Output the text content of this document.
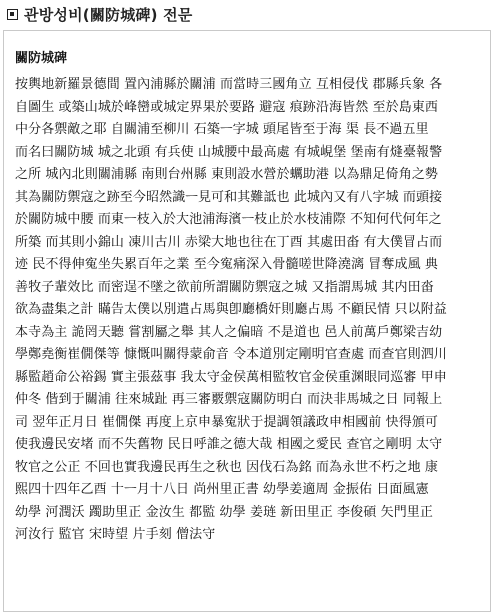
관방성비(關防城碑) 전문
關防城碑
按輿地新羅景德間 置內浦縣於關浦 而當時三國角立 互相侵伐 郡縣兵象 各
自圖生 或築山城於峰巒或城定界果於要路 避寇 痕跡沿海皆然 至於島東西
中分各禦敵之耶 自關浦至柳川 石築ㅡ字城 頭尾皆至于海 渠 長不過五里
而名曰關防城 城之北頭 有兵使 山城腰中最高處 有城峴堡 堡南有熢臺報警
之所 城內北則關浦縣 南則台州縣 東則設水營於蠣助港 以為鼎足倚角之勢
其為關防禦寇之跡至今昭然識ㅡ見可和其難詆也 此城內又有八字城 而頭接
於關防城中腰 而東ㅡ枝入於大池浦海濱ㅡ枝止於水枝浦際 不知何代何年之
所築 而其則小錦山 凍川古川 赤梁大地也往在丁酉 其處田畓 有大僕冒占而
迹 民不得伸寃坐失累百年之業 至今寃痛深入骨髓嗟世降澆漓 冒奪成風 典
善牧子輩效比 而密逞不墜之欲前所謂關防禦寇之城 又指謂馬城 其内田畓
欲為盡集之計 瞞告太僕以別遣占馬與卽廳橋奸則廳占馬 不顧民情 只以附益
本寺為主 詭罔天聽 嘗割屬之舉 其人之偏暗 不是道也 邑人前萬戶鄭梁吉幼
學鄭堯衡崔僩傑等 慷慨叫關得蒙俞音 令本道別定剛明官查處 而查官則泗川
縣監趙命公裕錫 實主張茲事 我太守金侯萬相監牧官金侯重渊眼同巡審 甲申
仲冬 偕到于關浦 往來城趾 再三審覈禦寇關防明白 而決非馬城之日 同報上
司 翌年正月日 崔僩傑 再度上京申暴寃狀于提調領議政申相國前 快得頒可
使我邊民安堵 而不失舊物 民日呼誰之德大哉 相國之愛民 查官之剛明 太守
牧官之公正 不回也實我邊民再生之秋也 因伐石為銘 而為永世不朽之地 康
熙四十四年乙酉 十ㅡ月十八日 尚州里正書 幼學姜適周 金振佑 日面風憲
幼學 河潤沃 躅助里正 金汝生 都監 幼學 姜琏 新田里正 李俊碩 矢門里正
河汝行 監官 宋時望 片手刻 僧法守
